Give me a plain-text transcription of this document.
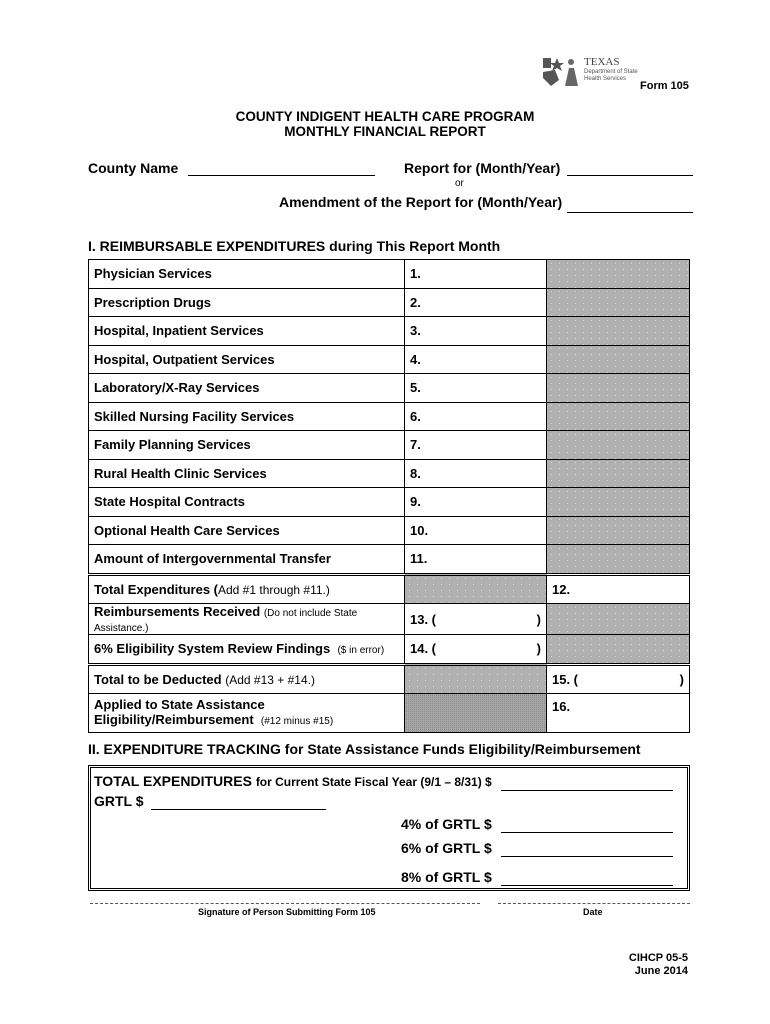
TEXAS
Department of State Health Services
Form 105
COUNTY INDIGENT HEALTH CARE PROGRAM
MONTHLY FINANCIAL REPORT
County Name	Report for (Month/Year)
or
Amendment of the Report for (Month/Year)
I. REIMBURSABLE EXPENDITURES during This Report Month
Physician Services	1.	
Prescription Drugs	2.	
Hospital, Inpatient Services	3.	
Hospital, Outpatient Services	4.	
Laboratory/X-Ray Services	5.	
Skilled Nursing Facility Services	6.	
Family Planning Services	7.	
Rural Health Clinic Services	8.	
State Hospital Contracts	9.	
Optional Health Care Services	10.	
Amount of Intergovernmental Transfer	11.	
Total Expenditures (Add #1 through #11.)		12.
Reimbursements Received (Do not include State Assistance.)	13. ( )	

6% Eligibility System Review Findings ($ in error)	14. ( )	

Total to be Deducted (Add #13 + #14.)		15. ( )

Applied to State Assistance
Eligibility/Reimbursement (#12 minus #15)		16.
II. EXPENDITURE TRACKING for State Assistance Funds Eligibility/Reimbursement
TOTAL EXPENDITURES for Current State Fiscal Year (9/1 – 8/31) $
GRTL $
4% of GRTL $
6% of GRTL $
8% of GRTL $
Signature of Person Submitting Form 105	Date
CIHCP 05-5
June 2014
